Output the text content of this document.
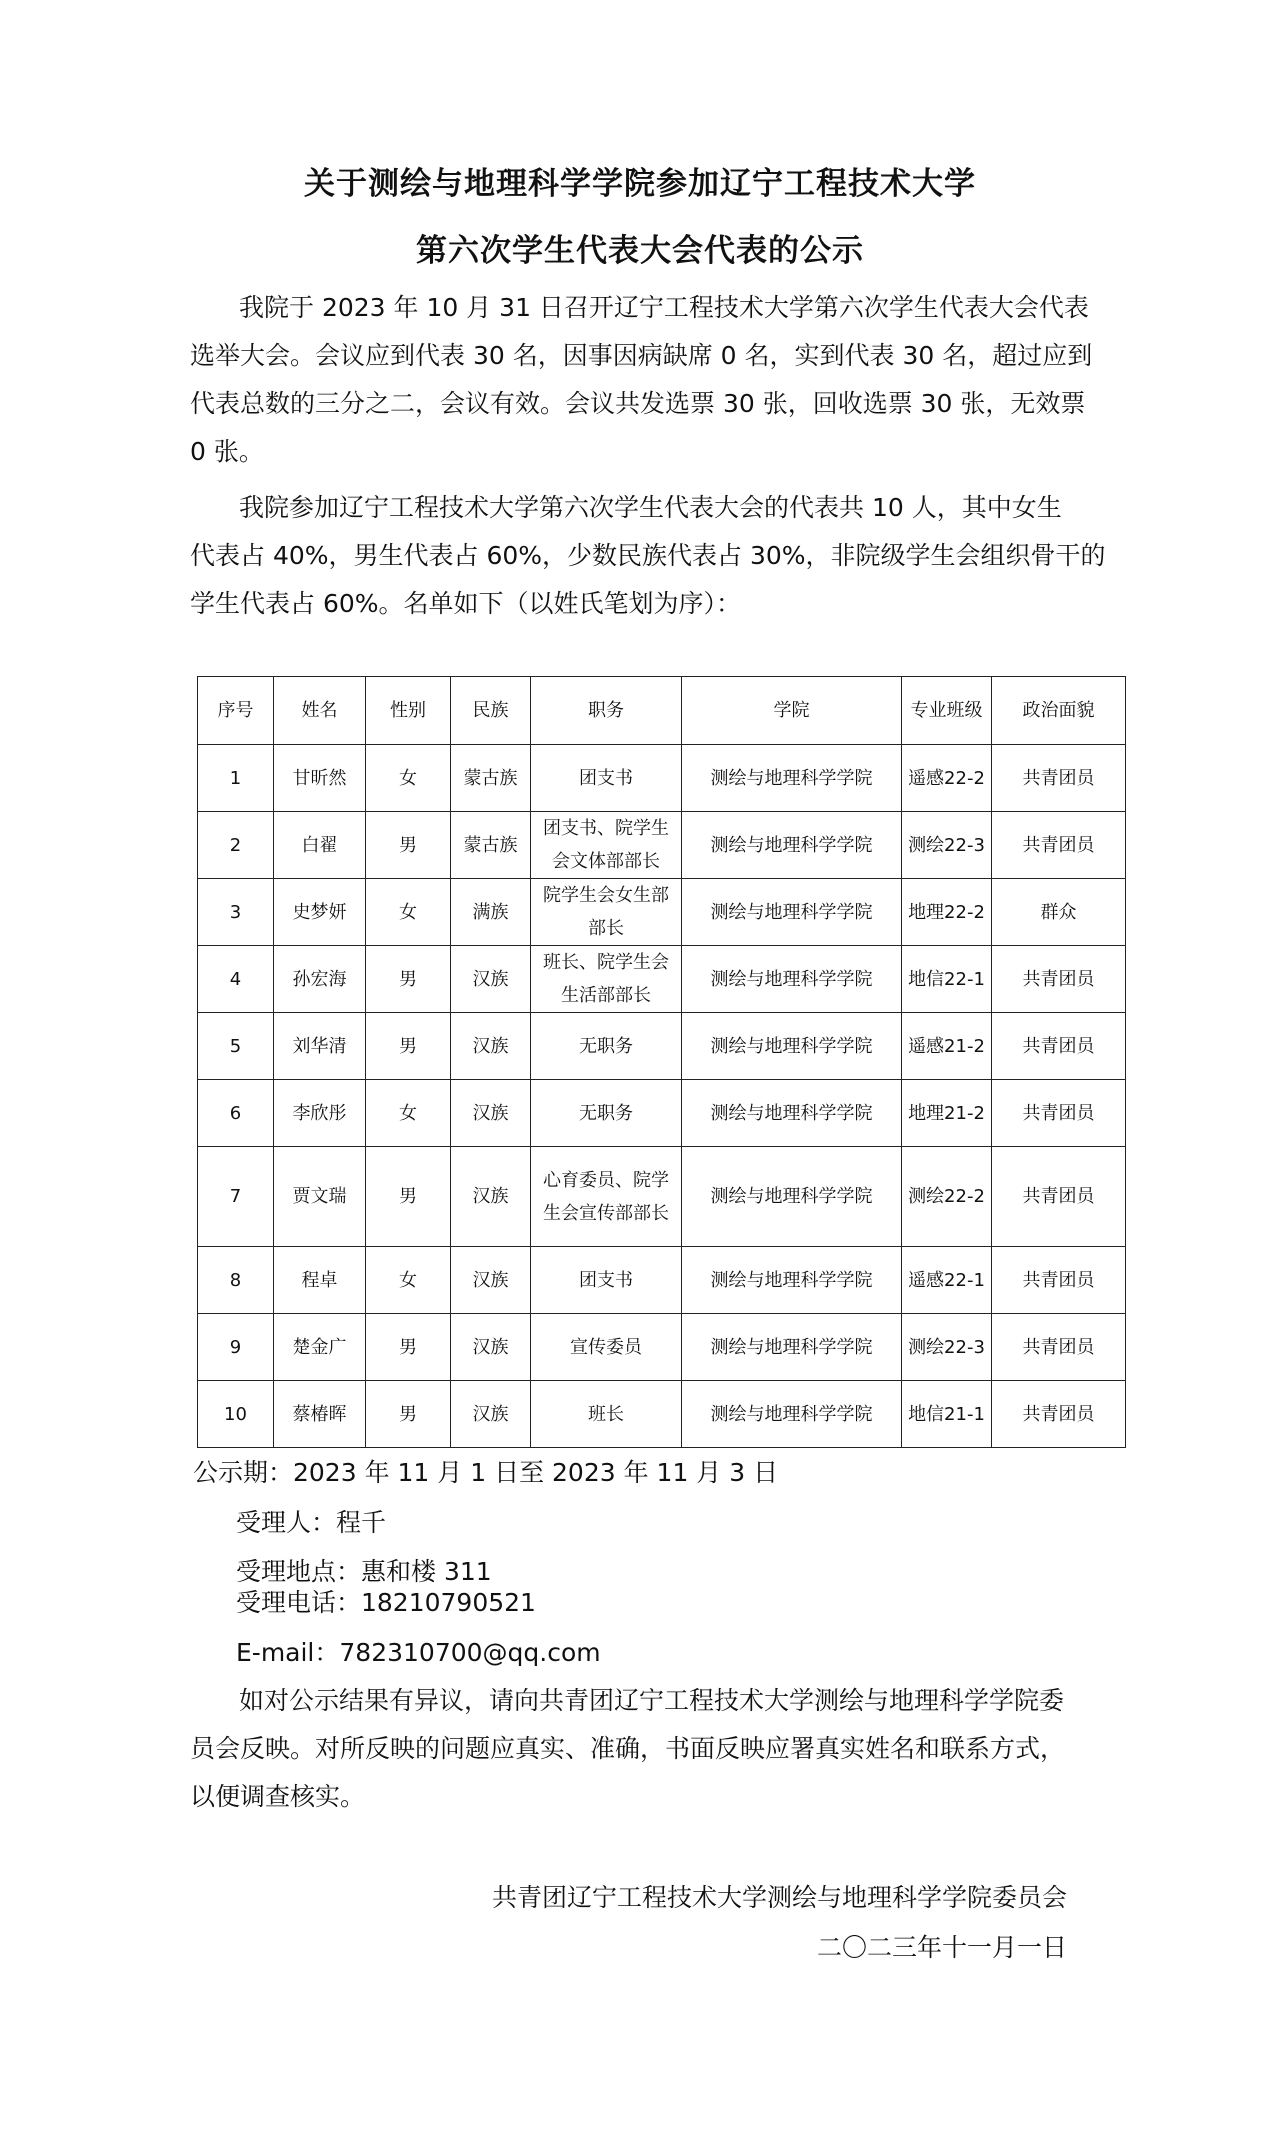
关于测绘与地理科学学院参加辽宁工程技术大学
第六次学生代表大会代表的公示
我院于 2023 年 10 月 31 日召开辽宁工程技术大学第六次学生代表大会代表
选举大会。会议应到代表 30 名，因事因病缺席 0 名，实到代表 30 名，超过应到
代表总数的三分之二，会议有效。会议共发选票 30 张，回收选票 30 张，无效票
0 张。
我院参加辽宁工程技术大学第六次学生代表大会的代表共 10 人，其中女生
代表占 40%，男生代表占 60%，少数民族代表占 30%，非院级学生会组织骨干的
学生代表占 60%。名单如下（以姓氏笔划为序）：
序号	姓名	性别	民族	职务	学院	专业班级	政治面貌
1	甘昕然	女	蒙古族	团支书	测绘与地理科学学院	遥感22-2	共青团员
2	白翟	男	蒙古族	团支书、院学生会文体部部长	测绘与地理科学学院	测绘22-3	共青团员
3	史梦妍	女	满族	院学生会女生部部长	测绘与地理科学学院	地理22-2	群众
4	孙宏海	男	汉族	班长、院学生会生活部部长	测绘与地理科学学院	地信22-1	共青团员
5	刘华清	男	汉族	无职务	测绘与地理科学学院	遥感21-2	共青团员
6	李欣彤	女	汉族	无职务	测绘与地理科学学院	地理21-2	共青团员
7	贾文瑞	男	汉族	心育委员、院学生会宣传部部长	测绘与地理科学学院	测绘22-2	共青团员
8	程卓	女	汉族	团支书	测绘与地理科学学院	遥感22-1	共青团员
9	楚金广	男	汉族	宣传委员	测绘与地理科学学院	测绘22-3	共青团员
10	蔡椿晖	男	汉族	班长	测绘与地理科学学院	地信21-1	共青团员
公示期：2023 年 11 月 1 日至 2023 年 11 月 3 日
受理人：程千
受理地点：惠和楼 311
受理电话：18210790521
E-mail：782310700@qq.com
如对公示结果有异议，请向共青团辽宁工程技术大学测绘与地理科学学院委
员会反映。对所反映的问题应真实、准确，书面反映应署真实姓名和联系方式，
以便调查核实。
共青团辽宁工程技术大学测绘与地理科学学院委员会
二〇二三年十一月一日
